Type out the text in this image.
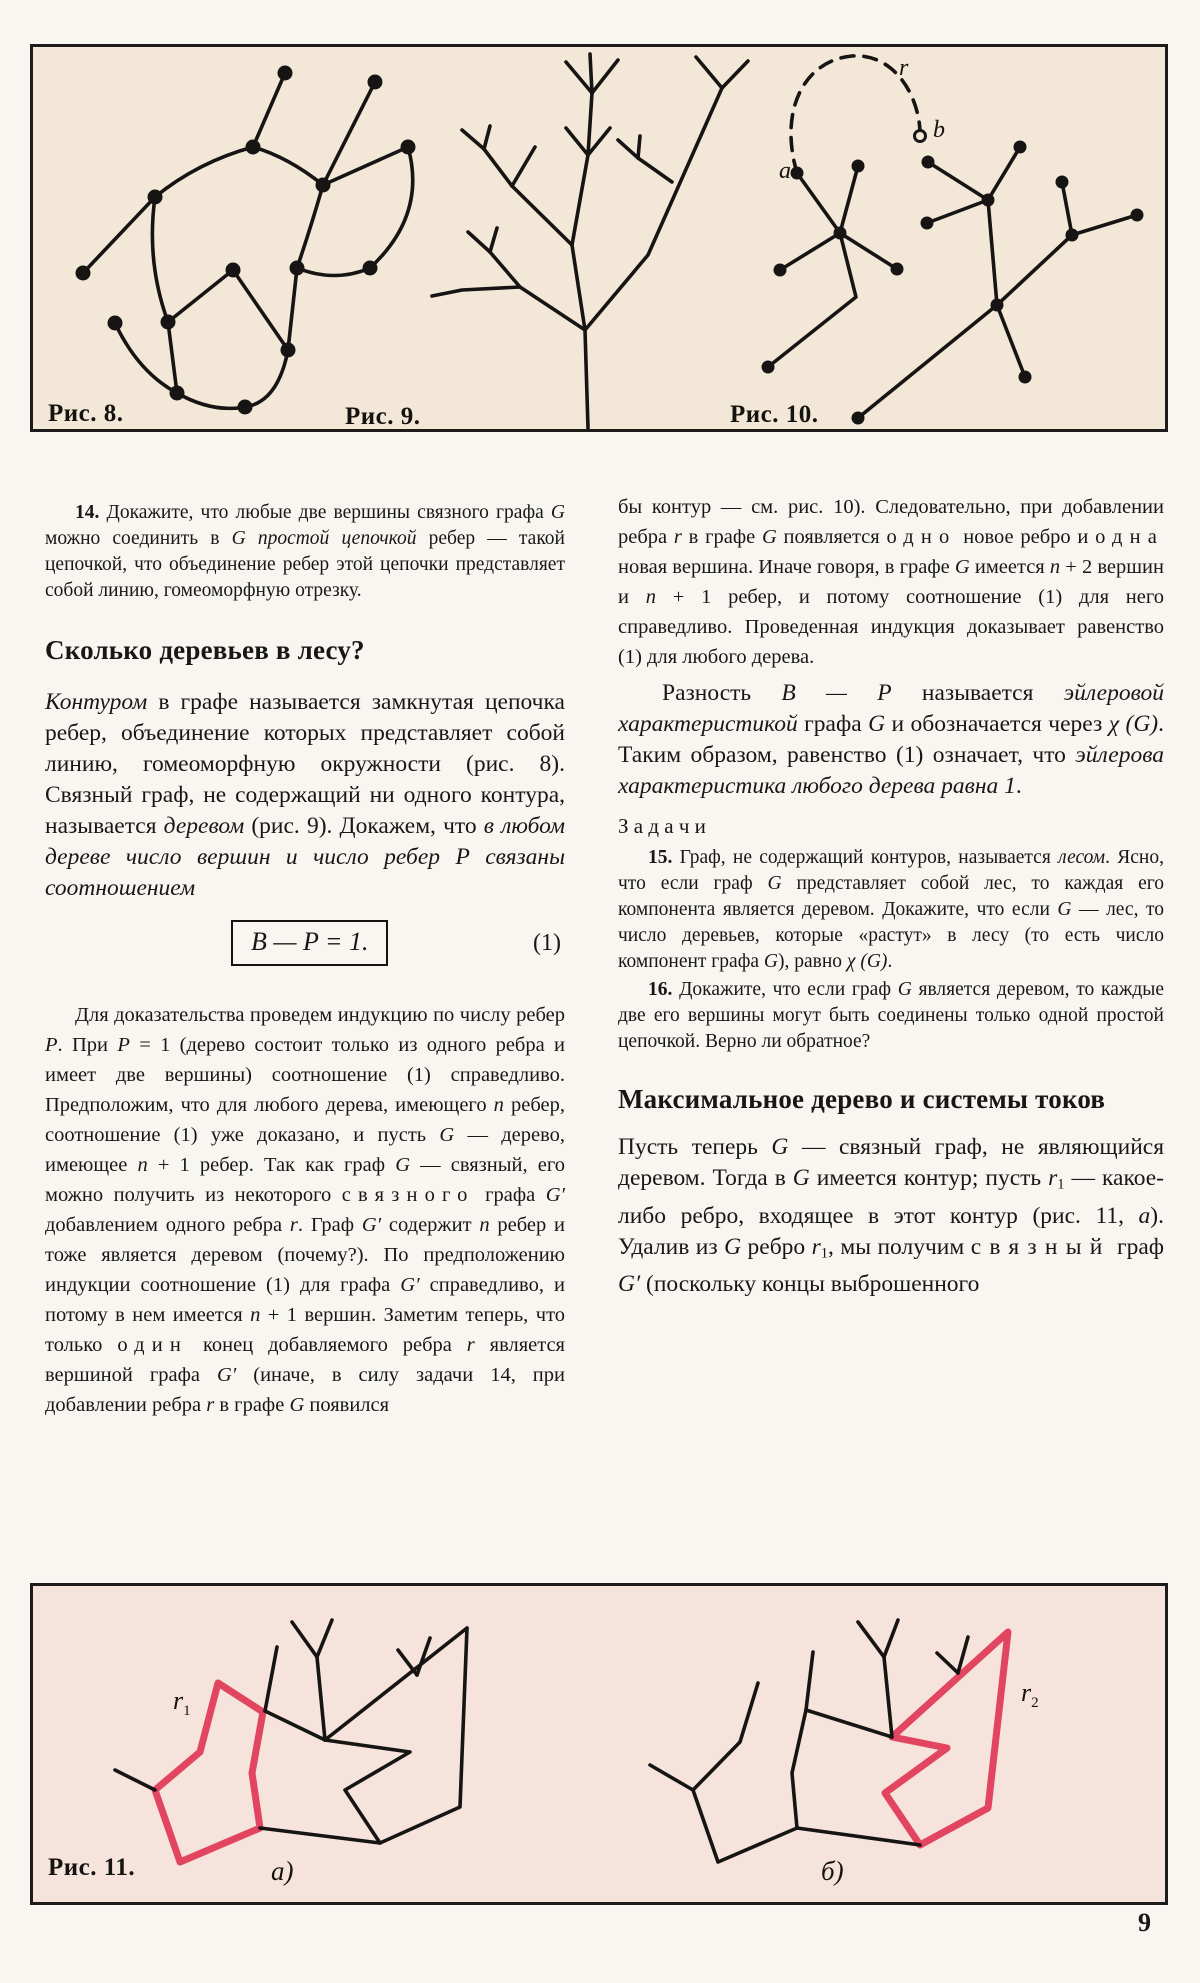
Рис. 8.	Рис. 9.	Рис. 10.
a
b
r

14. Докажите, что любые две вершины связного графа G можно соединить в G простой цепочкой ребер — такой цепочкой, что объединение ребер этой цепочки представляет собой линию, гомеоморфную отрезку.

Сколько деревьев в лесу?

Контуром в графе называется замкнутая цепочка ребер, объединение которых представляет собой линию, гомеоморфную окружности (рис. 8). Связный граф, не содержащий ни одного контура, называется деревом (рис. 9). Докажем, что в любом дереве число вершин и число ребер Р связаны соотношением

B — P = 1.	(1)

Для доказательства проведем индукцию по числу ребер P. При P = 1 (дерево состоит только из одного ребра и имеет две вершины) соотношение (1) справедливо. Предположим, что для любого дерева, имеющего n ребер, соотношение (1) уже доказано, и пусть G — дерево, имеющее n + 1 ребер. Так как граф G — связный, его можно получить из некоторого связного графа G′ добавлением одного ребра r. Граф G′ содержит n ребер и тоже является деревом (почему?). По предположению индукции соотношение (1) для графа G′ справедливо, и потому в нем имеется n + 1 вершин. Заметим теперь, что только один конец добавляемого ребра r является вершиной графа G′ (иначе, в силу задачи 14, при добавлении ребра r в графе G появился

бы контур — см. рис. 10). Следовательно, при добавлении ребра r в графе G появляется одно новое ребро и одна новая вершина. Иначе говоря, в графе G имеется n + 2 вершин и n + 1 ребер, и потому соотношение (1) для него справедливо. Проведенная индукция доказывает равенство (1) для любого дерева.

Разность B — P называется эйлеровой характеристикой графа G и обозначается через χ (G). Таким образом, равенство (1) означает, что эйлерова характеристика любого дерева равна 1.

З а д а ч и

15. Граф, не содержащий контуров, называется лесом. Ясно, что если граф G представляет собой лес, то каждая его компонента является деревом. Докажите, что если G — лес, то число деревьев, которые «растут» в лесу (то есть число компонент графа G), равно χ (G).

16. Докажите, что если граф G является деревом, то каждые две его вершины могут быть соединены только одной простой цепочкой. Верно ли обратное?

Максимальное дерево и системы токов

Пусть теперь G — связный граф, не являющийся деревом. Тогда в G имеется контур; пусть r1 — какое-либо ребро, входящее в этот контур (рис. 11, а). Удалив из G ребро r1, мы получим связный граф G′ (поскольку концы выброшенного

Рис. 11.	а)	б)
$r_1$
$r_2$
9
